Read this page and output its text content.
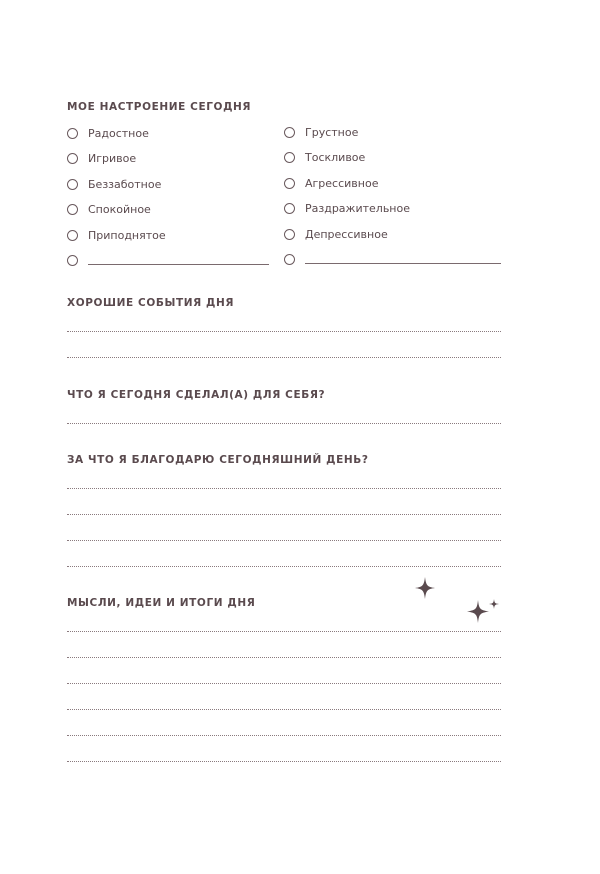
МОЕ НАСТРОЕНИЕ СЕГОДНЯ
Радостное
Игривое
Беззаботное
Спокойное
Приподнятое
Грустное
Тоскливое
Агрессивное
Раздражительное
Депрессивное
ХОРОШИЕ СОБЫТИЯ ДНЯ
ЧТО Я СЕГОДНЯ СДЕЛАЛ(А) ДЛЯ СЕБЯ?
ЗА ЧТО Я БЛАГОДАРЮ СЕГОДНЯШНИЙ ДЕНЬ?
МЫСЛИ, ИДЕИ И ИТОГИ ДНЯ
